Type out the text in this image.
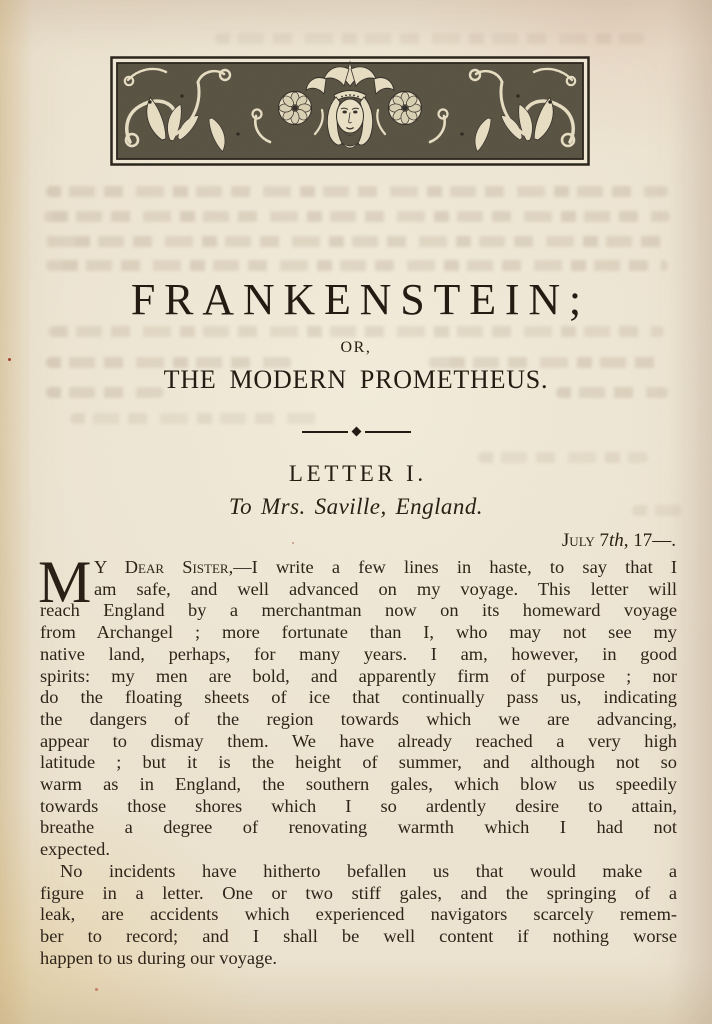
FRANKENSTEIN;
OR,
THE MODERN PROMETHEUS.
LETTER I.
To Mrs. Saville, England.
July 7th, 17—.
M Y Dear Sister,—I write a few lines in haste, to say that I
am safe, and well advanced on my voyage. This letter will
reach England by a merchantman now on its homeward voyage
from Archangel ; more fortunate than I, who may not see my
native land, perhaps, for many years. I am, however, in good
spirits: my men are bold, and apparently firm of purpose ; nor
do the floating sheets of ice that continually pass us, indicating
the dangers of the region towards which we are advancing,
appear to dismay them. We have already reached a very high
latitude ; but it is the height of summer, and although not so
warm as in England, the southern gales, which blow us speedily
towards those shores which I so ardently desire to attain,
breathe a degree of renovating warmth which I had not
expected.
No incidents have hitherto befallen us that would make a
figure in a letter. One or two stiff gales, and the springing of a
leak, are accidents which experienced navigators scarcely remem-
ber to record; and I shall be well content if nothing worse
happen to us during our voyage.
